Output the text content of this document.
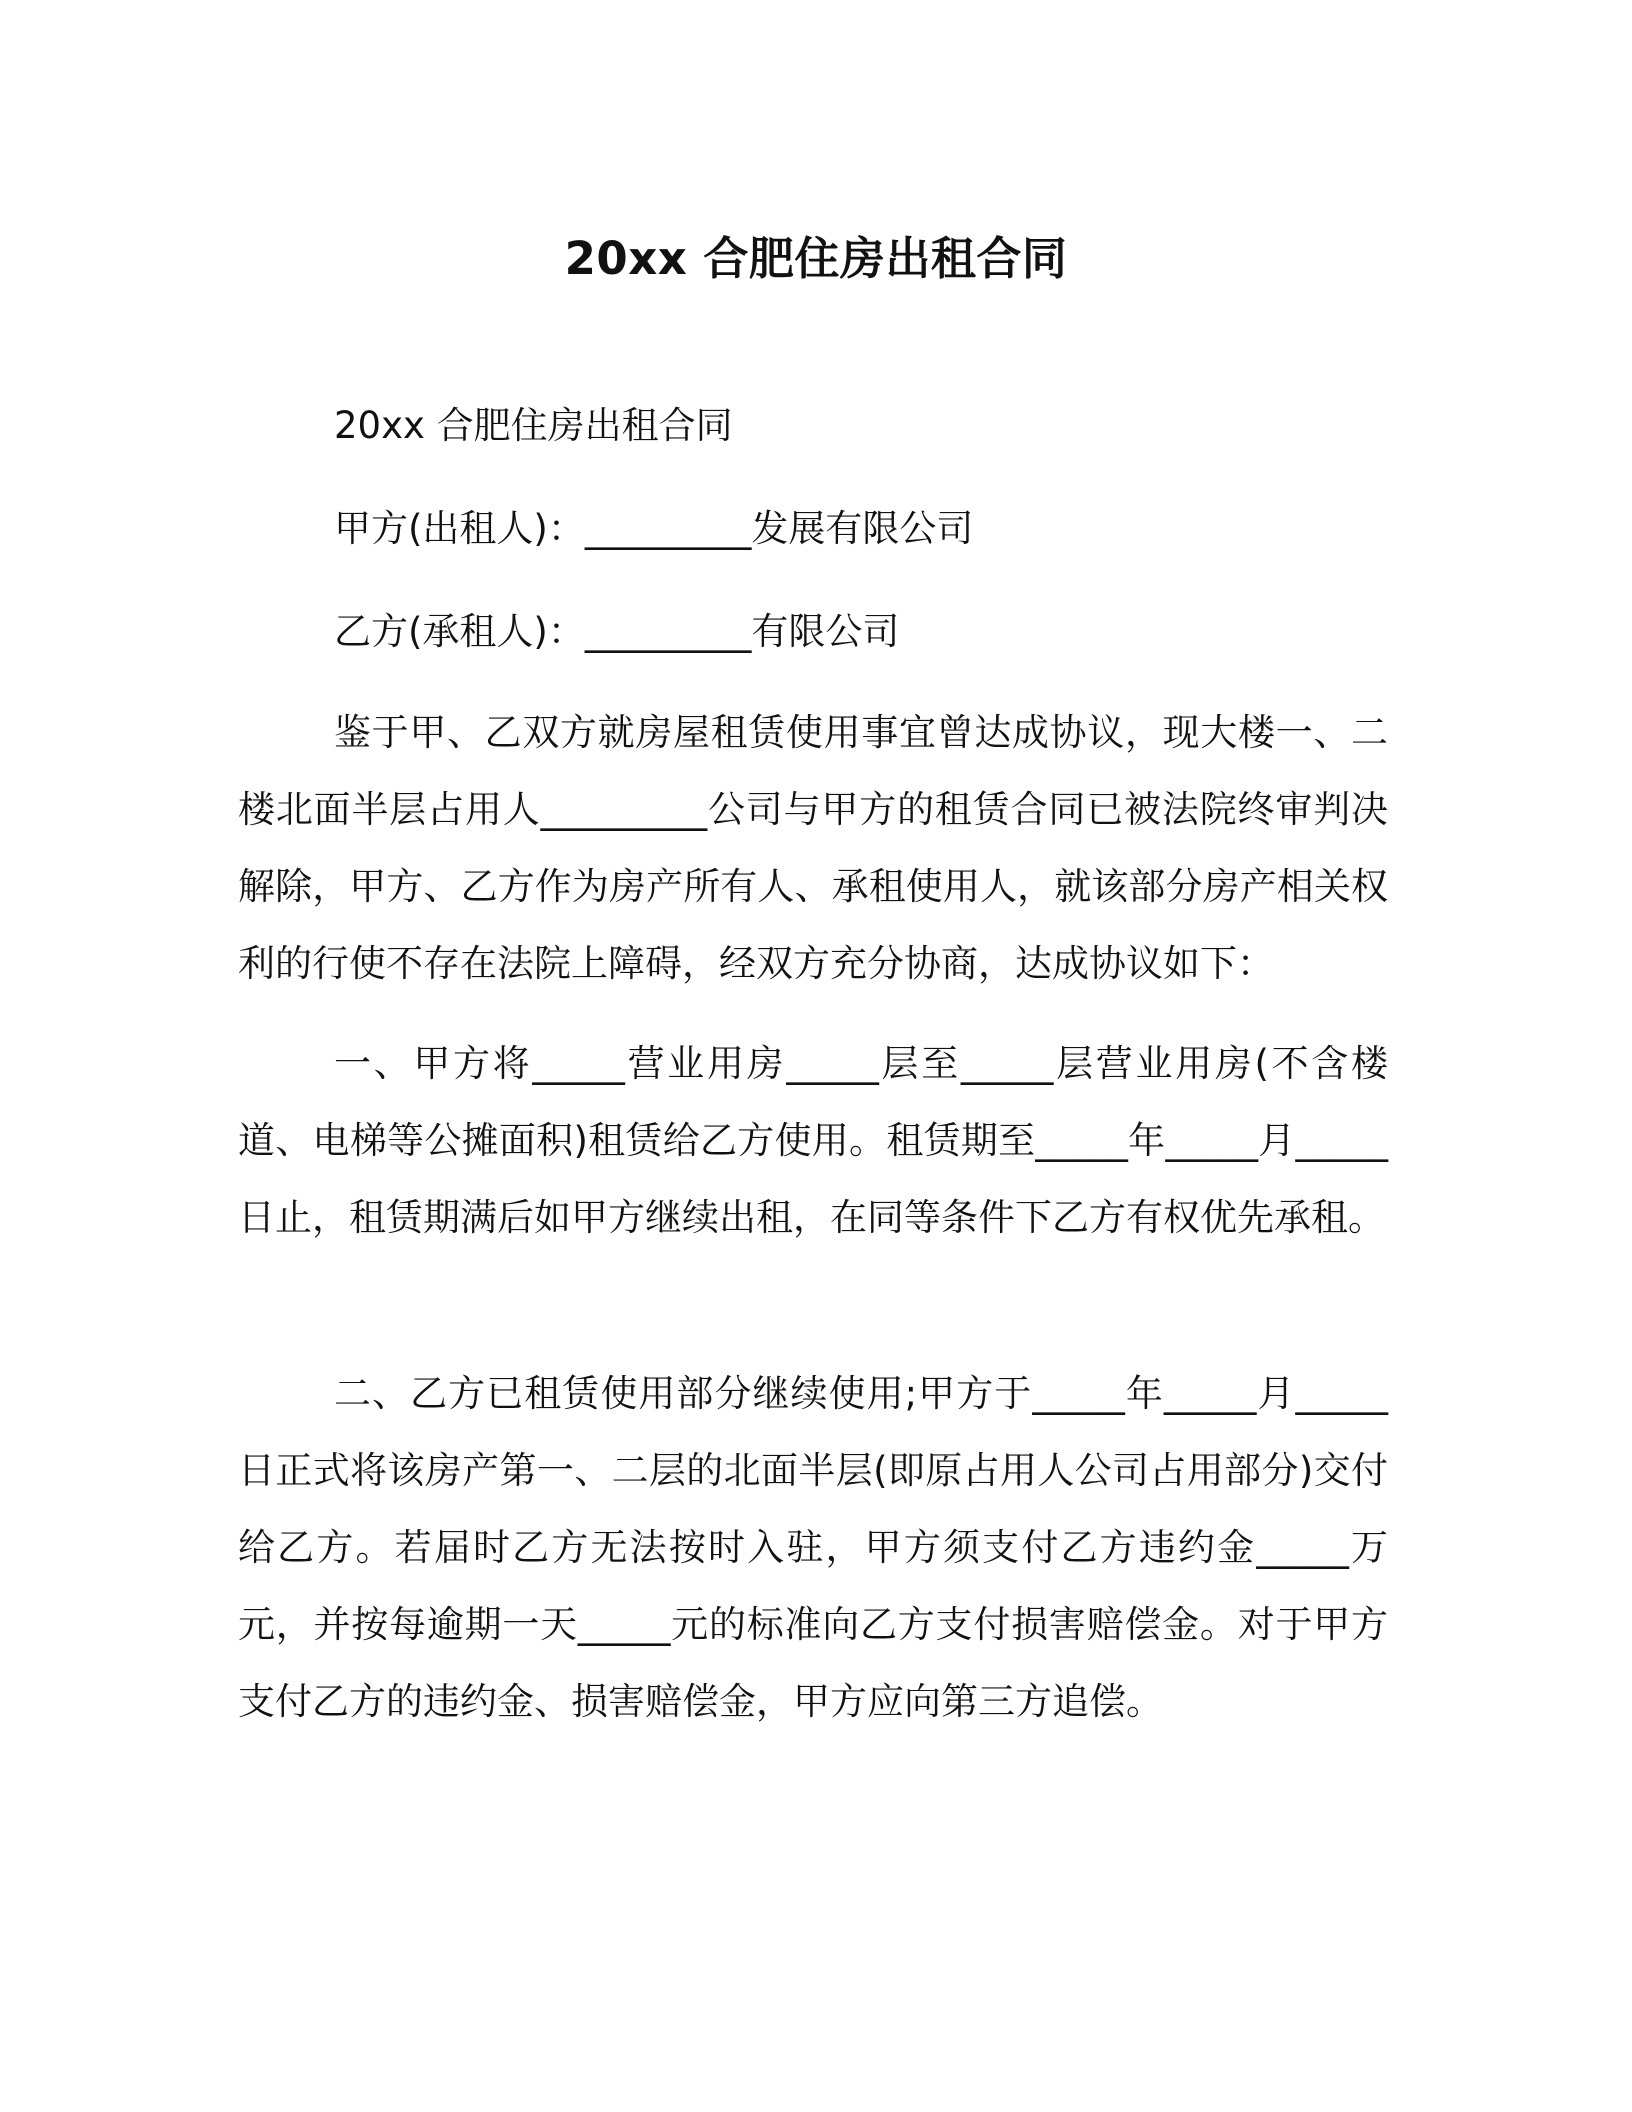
20xx 合肥住房出租合同

20xx 合肥住房出租合同

甲方(出租人)：_________发展有限公司

乙方(承租人)：_________有限公司

鉴于甲、乙双方就房屋租赁使用事宜曾达成协议，现大楼一、二楼北面半层占用人_________公司与甲方的租赁合同已被法院终审判决解除，甲方、乙方作为房产所有人、承租使用人，就该部分房产相关权利的行使不存在法院上障碍，经双方充分协商，达成协议如下：

一、甲方将_____营业用房_____层至_____层营业用房(不含楼道、电梯等公摊面积)租赁给乙方使用。租赁期至_____年_____月_____日止，租赁期满后如甲方继续出租，在同等条件下乙方有权优先承租。

二、乙方已租赁使用部分继续使用;甲方于_____年_____月_____日正式将该房产第一、二层的北面半层(即原占用人公司占用部分)交付给乙方。若届时乙方无法按时入驻，甲方须支付乙方违约金_____万元，并按每逾期一天_____元的标准向乙方支付损害赔偿金。对于甲方支付乙方的违约金、损害赔偿金，甲方应向第三方追偿。
